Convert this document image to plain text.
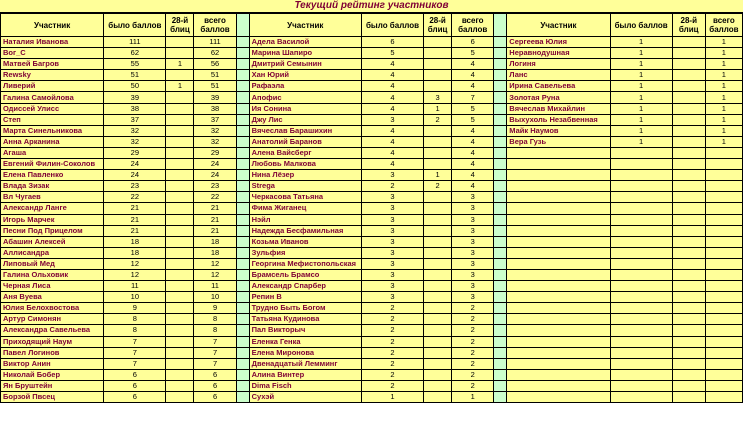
Текущий рейтинг участников
Участник	было баллов	28-й блиц	всего баллов		Участник	было баллов	28-й блиц	всего баллов		Участник	было баллов	28-й блиц	всего баллов
Наталия Иванова	111		111		Адела Василой	6		6		Сергеева Юлия	1		1
Вог_С	62		62		Марина Шапиро	5		5		Неравнодушная	1		1
Матвей Багров	55	1	56		Дмитрий Семынин	4		4		Логиня	1		1
Rewsky	51		51		Хан Юрий	4		4		Ланс	1		1
Ливерий	50	1	51		Рафаэла	4		4		Ирина Савельева	1		1
Галина Самойлова	39		39		Апофис	4	3	7		Золотая Руна	1		1
Одиссей Улисс	38		38		Ия Сонина	4	1	5		Вячеслав Михайлин	1		1
Степ	37		37		Джу Лис	3	2	5		Выхухоль Незабвенная	1		1
Марта Синельникова	32		32		Вячеслав Барашихин	4		4		Майк Наумов	1		1
Анна Арканина	32		32		Анатолий Баранов	4		4		Вера Гузь	1		1
Агаша	29		29		Алена Вайсберг	4		4					
Евгений Филин-Соколов	24		24		Любовь Малкова	4		4					
Елена Павленко	24		24		Нина Лёзер	3	1	4					
Влада Зизак	23		23		Strega	2	2	4					
Вл Чугаев	22		22		Черкасова Татьяна	3		3					
Александр Ланге	21		21		Фима Жиганец	3		3					
Игорь Марчек	21		21		Нэйл	3		3					
Песни Под Прицелом	21		21		Надежда Бесфамильная	3		3					
Абашин Алексей	18		18		Козьма Иванов	3		3					
Аллисандра	18		18		Зульфия	3		3					
Липовый Мед	12		12		Георгина Мефистопольская	3		3					
Галина Ольховик	12		12		Брамсель Брамсо	3		3					
Черная Лиса	11		11		Александр Спарбер	3		3					
Аня Вуева	10		10		Репин В	3		3					
Юлия Белохвостова	9		9		Трудно Быть Богом	2		2					
Артур Симонян	8		8		Татьяна Кудинова	2		2					
Александра Савельева	8		8		Пал Викторыч	2		2					
Приходящий Наум	7		7		Еленка Генка	2		2					
Павел Логинов	7		7		Елена Миронова	2		2					
Виктор Анин	7		7		Двенадцатый Лемминг	2		2					
Николай Бобер	6		6		Алина Винтер	2		2					
Ян Бруштейн	6		6		Dima Fisch	2		2					
Борзой Пвсец	6		6		Сухэй	1		1					
